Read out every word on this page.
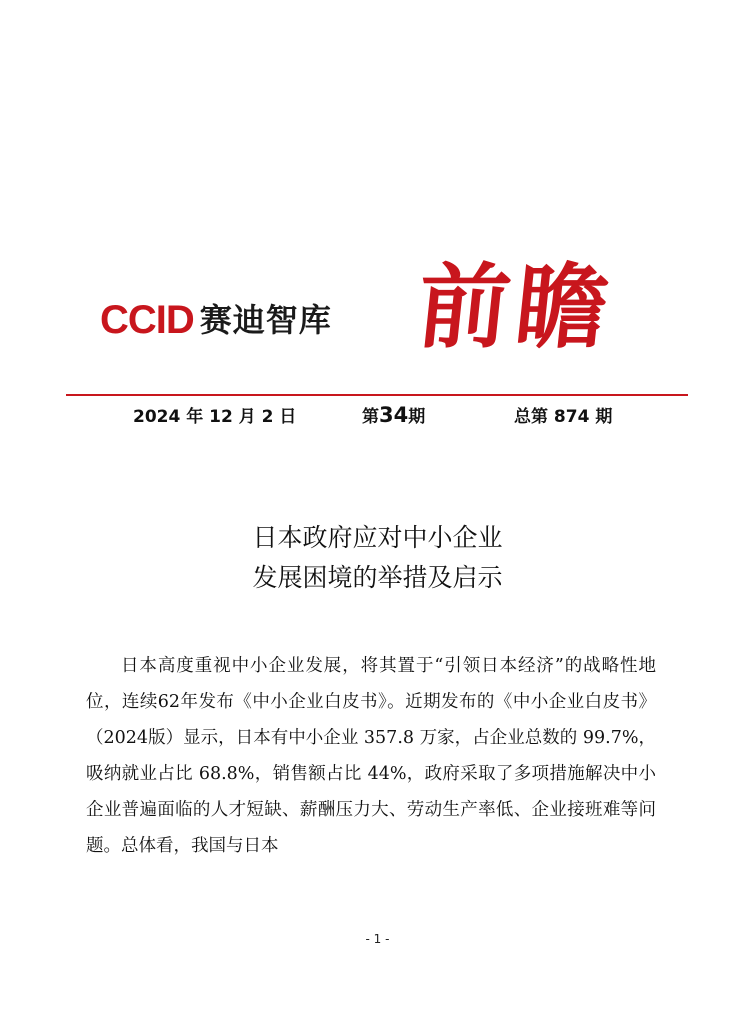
CCID 赛迪智库 前瞻
2024 年 12 月 2 日	第34期	总第 874 期
日本政府应对中小企业
发展困境的举措及启示

日本高度重视中小企业发展，将其置于“引领日本经济”的战略性地位，连续62年发布《中小企业白皮书》。近期发布的《中小企业白皮书》（2024版）显示，日本有中小企业 357.8 万家，占企业总数的 99.7%，吸纳就业占比 68.8%，销售额占比 44%，政府采取了多项措施解决中小企业普遍面临的人才短缺、薪酬压力大、劳动生产率低、企业接班难等问题。总体看，我国与日本

- 1 -
